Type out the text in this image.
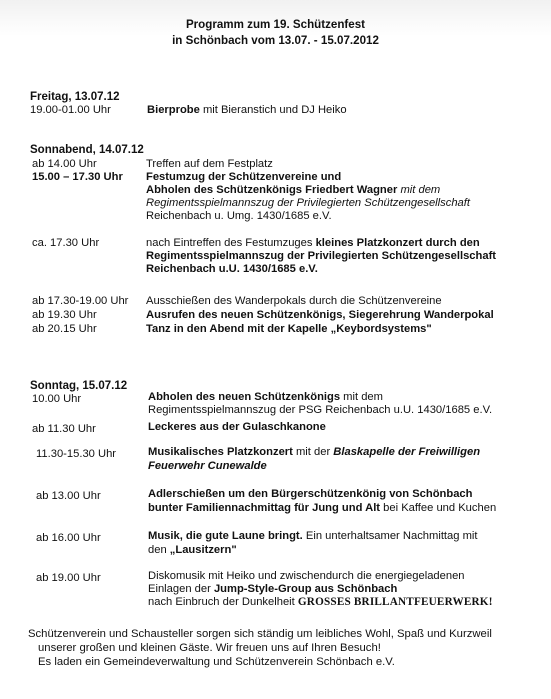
Programm zum 19. Schützenfest
in Schönbach vom 13.07. - 15.07.2012
Freitag, 13.07.12
19.00-01.00 Uhr	Bierprobe mit Bieranstich und DJ Heiko
Sonnabend, 14.07.12
ab 14.00 Uhr	Treffen auf dem Festplatz
15.00 – 17.30 Uhr Festumzug der Schützenvereine und
Abholen des Schützenkönigs Friedbert Wagner mit dem
Regimentsspielmannszug der Privilegierten Schützengesellschaft
Reichenbach u. Umg. 1430/1685 e.V.
ca. 17.30 Uhr	nach Eintreffen des Festumzuges kleines Platzkonzert durch den
Regimentsspielmannszug der Privilegierten Schützengesellschaft
Reichenbach u.U. 1430/1685 e.V.
ab 17.30-19.00 Uhr Ausschießen des Wanderpokals durch die Schützenvereine
ab 19.30 Uhr	Ausrufen des neuen Schützenkönigs, Siegerehrung Wanderpokal
ab 20.15 Uhr	Tanz in den Abend mit der Kapelle „Keybordsystems"
Sonntag, 15.07.12
10.00 Uhr	Abholen des neuen Schützenkönigs mit dem
Regimentsspielmannszug der PSG Reichenbach u.U. 1430/1685 e.V.
ab 11.30 Uhr	Leckeres aus der Gulaschkanone
11.30-15.30 Uhr	Musikalisches Platzkonzert mit der Blaskapelle der Freiwilligen
Feuerwehr Cunewalde
ab 13.00 Uhr	Adlerschießen um den Bürgerschützenkönig von Schönbach
bunter Familiennachmittag für Jung und Alt bei Kaffee und Kuchen
ab 16.00 Uhr	Musik, die gute Laune bringt. Ein unterhaltsamer Nachmittag mit
den „Lausitzern"
ab 19.00 Uhr	Diskomusik mit Heiko und zwischendurch die energiegeladenen
Einlagen der Jump-Style-Group aus Schönbach
nach Einbruch der Dunkelheit GROSSES BRILLANTFEUERWERK!
Schützenverein und Schausteller sorgen sich ständig um leibliches Wohl, Spaß und Kurzweil
unserer großen und kleinen Gäste. Wir freuen uns auf Ihren Besuch!
Es laden ein Gemeindeverwaltung und Schützenverein Schönbach e.V.
